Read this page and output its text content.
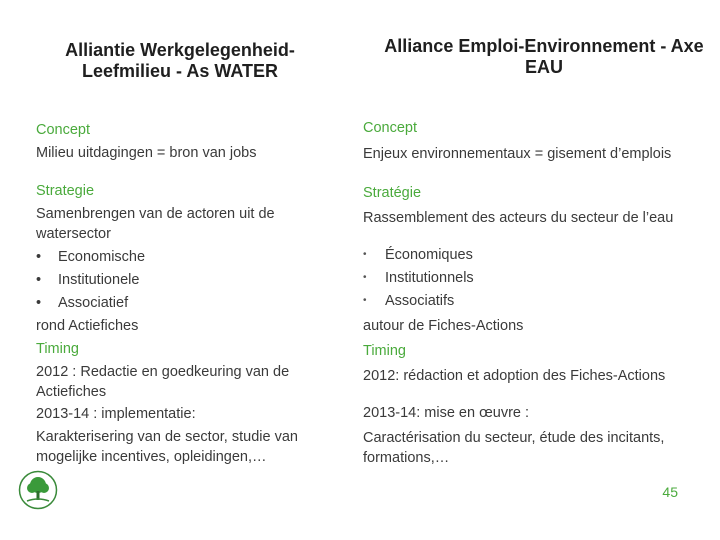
Alliantie Werkgelegenheid-Leefmilieu - As WATER
Alliance Emploi-Environnement - Axe EAU
Concept
Milieu uitdagingen = bron van jobs
Strategie
Samenbrengen van de actoren uit de watersector
• Economische
• Institutionele
• Associatief
rond Actiefiches
Timing
2012 : Redactie en goedkeuring van de Actiefiches
2013-14 : implementatie:
Karakterisering van de sector, studie van mogelijke incentives, opleidingen,…
Concept
Enjeux environnementaux = gisement d’emplois
Stratégie
Rassemblement des acteurs du secteur de l’eau
• Économiques
• Institutionnels
• Associatifs
autour de Fiches-Actions
Timing
2012: rédaction et adoption des Fiches-Actions
2013-14: mise en œuvre :
Caractérisation du secteur, étude des incitants, formations,…
45
